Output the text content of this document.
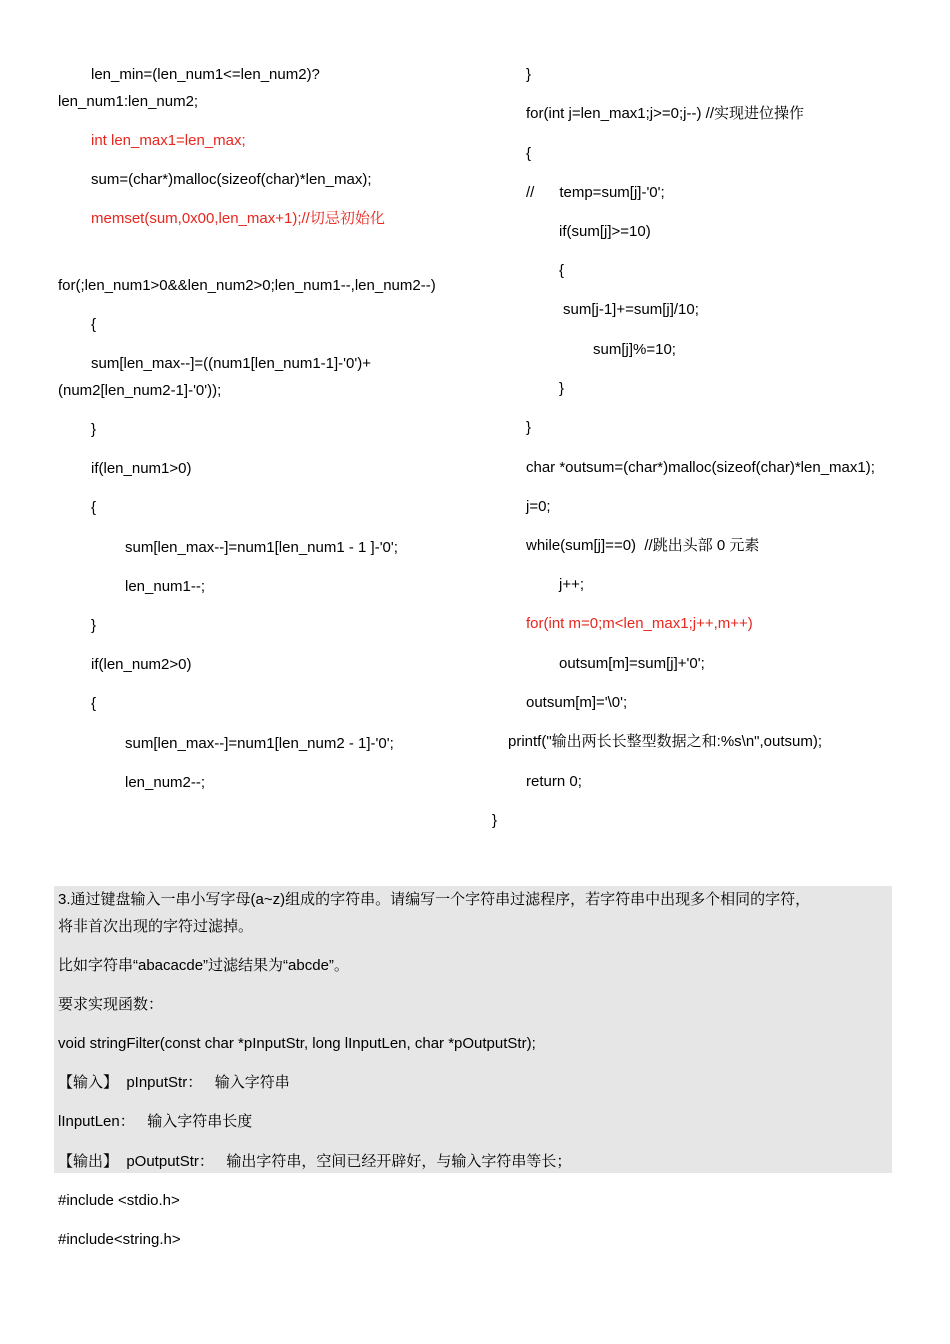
len_min=(len_num1<=len_num2)?
len_num1:len_num2;
int len_max1=len_max;
sum=(char*)malloc(sizeof(char)*len_max);
memset(sum,0x00,len_max+1);//切忌初始化
for(;len_num1>0&&len_num2>0;len_num1--,len_num2--)
{
sum[len_max--]=((num1[len_num1-1]-'0')+
(num2[len_num2-1]-'0'));
}
if(len_num1>0)
{
sum[len_max--]=num1[len_num1 - 1 ]-'0';
len_num1--;
}
if(len_num2>0)
{
sum[len_max--]=num1[len_num2 - 1]-'0';
len_num2--;
}
for(int j=len_max1;j>=0;j--) //实现进位操作
{
//      temp=sum[j]-'0';
if(sum[j]>=10)
{
sum[j-1]+=sum[j]/10;
sum[j]%=10;
}
}
char *outsum=(char*)malloc(sizeof(char)*len_max1);
j=0;
while(sum[j]==0)  //跳出头部 0 元素
j++;
for(int m=0;m<len_max1;j++,m++)
outsum[m]=sum[j]+'0';
outsum[m]='\0';
printf("输出两长长整型数据之和:%s\n",outsum);
return 0;
}
3.通过键盘输入一串小写字母(a~z)组成的字符串。请编写一个字符串过滤程序，若字符串中出现多个相同的字符，
将非首次出现的字符过滤掉。
比如字符串“abacacde”过滤结果为“abcde”。
要求实现函数：
void stringFilter(const char *pInputStr, long lInputLen, char *pOutputStr);
【输入】  pInputStr：   输入字符串
lInputLen：   输入字符串长度
【输出】  pOutputStr：   输出字符串，空间已经开辟好，与输入字符串等长；
#include <stdio.h>
#include<string.h>
